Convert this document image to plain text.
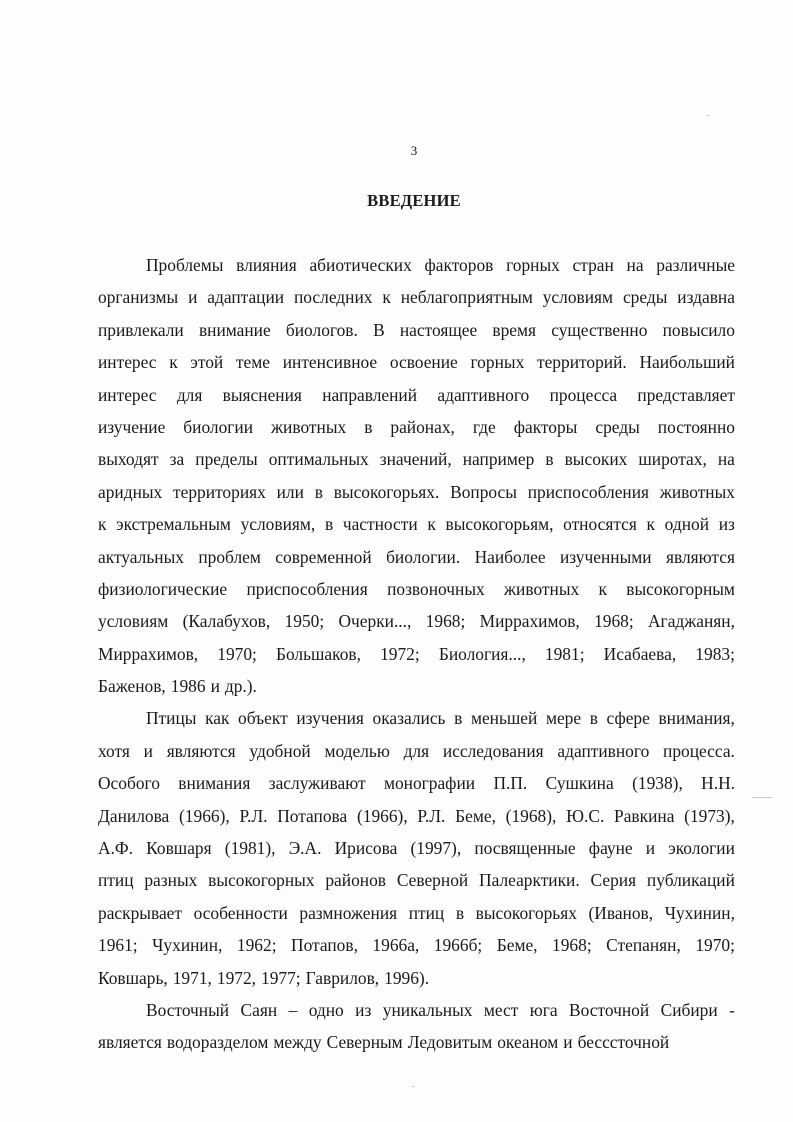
3
ВВЕДЕНИЕ
Проблемы влияния абиотических факторов горных стран на различные
организмы и адаптации последних к неблагоприятным условиям среды издавна
привлекали внимание биологов. В настоящее время существенно повысило
интерес к этой теме интенсивное освоение горных территорий. Наибольший
интерес для выяснения направлений адаптивного процесса представляет
изучение биологии животных в районах, где факторы среды постоянно
выходят за пределы оптимальных значений, например в высоких широтах, на
аридных территориях или в высокогорьях. Вопросы приспособления животных
к экстремальным условиям, в частности к высокогорьям, относятся к одной из
актуальных проблем современной биологии. Наиболее изученными являются
физиологические приспособления позвоночных животных к высокогорным
условиям (Калабухов, 1950; Очерки..., 1968; Миррахимов, 1968; Агаджанян,
Миррахимов, 1970; Большаков, 1972; Биология..., 1981; Исабаева, 1983;
Баженов, 1986 и др.).
Птицы как объект изучения оказались в меньшей мере в сфере внимания,
хотя и являются удобной моделью для исследования адаптивного процесса.
Особого внимания заслуживают монографии П.П. Сушкина (1938), Н.Н.
Данилова (1966), Р.Л. Потапова (1966), Р.Л. Беме, (1968), Ю.С. Равкина (1973),
А.Ф. Ковшаря (1981), Э.А. Ирисова (1997), посвященные фауне и экологии
птиц разных высокогорных районов Северной Палеарктики. Серия публикаций
раскрывает особенности размножения птиц в высокогорьях (Иванов, Чухинин,
1961; Чухинин, 1962; Потапов, 1966а, 1966б; Беме, 1968; Степанян, 1970;
Ковшарь, 1971, 1972, 1977; Гаврилов, 1996).
Восточный Саян – одно из уникальных мест юга Восточной Сибири -
является водоразделом между Северным Ледовитым океаном и бесссточной
